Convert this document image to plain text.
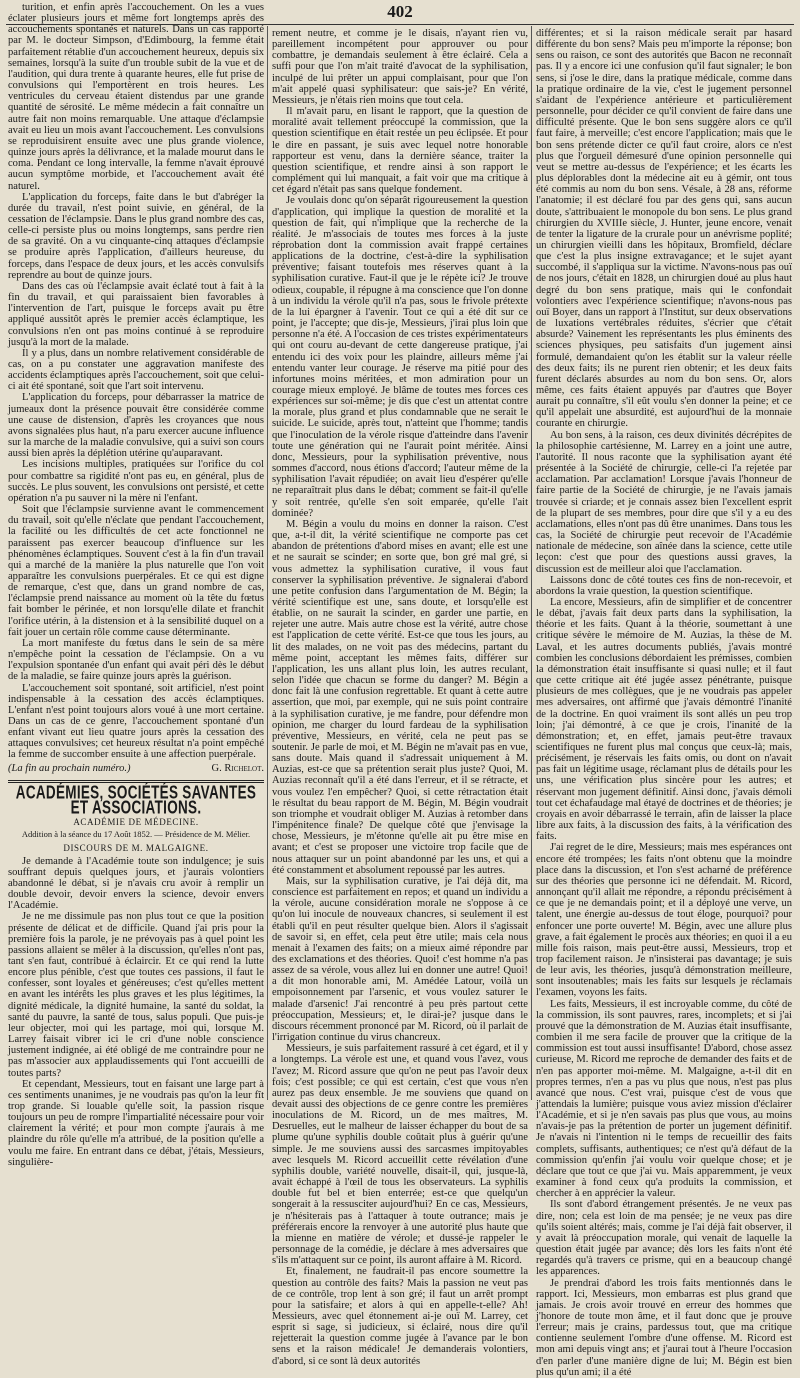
402

turition, et enfin après l'accouchement. On les a vues éclater plusieurs jours et même fort longtemps après des accouchements spontanés et naturels. Dans un cas rapporté par M. le docteur Simpson, d'Edimbourg, la femme était parfaitement rétablie d'un accouchement heureux, depuis six semaines, lorsqu'à la suite d'un trouble subit de la vue et de l'audition, qui dura trente à quarante heures, elle fut prise de convulsions qui l'emportèrent en trois heures. Les ventricules du cerveau étaient distendus par une grande quantité de sérosité. Le même médecin a fait connaître un autre fait non moins remarquable. Une attaque d'éclampsie avait eu lieu un mois avant l'accouchement. Les convulsions se reproduisirent ensuite avec une plus grande violence, quinze jours après la délivrance, et la malade mourut dans le coma. Pendant ce long intervalle, la femme n'avait éprouvé aucun symptôme morbide, et l'accouchement avait été naturel.

L'application du forceps, faite dans le but d'abréger la durée du travail, n'est point suivie, en général, de la cessation de l'éclampsie. Dans le plus grand nombre des cas, celle-ci persiste plus ou moins longtemps, sans perdre rien de sa gravité. On a vu cinquante-cinq attaques d'éclampsie se produire après l'application, d'ailleurs heureuse, du forceps, dans l'espace de deux jours, et les accès convulsifs reprendre au bout de quinze jours.

Dans des cas où l'éclampsie avait éclaté tout à fait à la fin du travail, et qui paraissaient bien favorables à l'intervention de l'art, puisque le forceps avait pu être appliqué aussitôt après le premier accès éclamptique, les convulsions n'en ont pas moins continué à se reproduire jusqu'à la mort de la malade.

Il y a plus, dans un nombre relativement considérable de cas, on a pu constater une aggravation manifeste des accidents éclamptiques après l'accouchement, soit que celui-ci ait été spontané, soit que l'art soit intervenu.

L'application du forceps, pour débarrasser la matrice de jumeaux dont la présence pouvait être considérée comme une cause de distension, d'après les croyances que nous avons signalées plus haut, n'a paru exercer aucune influence sur la marche de la maladie convulsive, qui a suivi son cours aussi bien après la déplétion utérine qu'auparavant.

Les incisions multiples, pratiquées sur l'orifice du col pour combattre sa rigidité n'ont pas eu, en général, plus de succès. Le plus souvent, les convulsions ont persisté, et cette opération n'a pu sauver ni la mère ni l'enfant.

Soit que l'éclampsie survienne avant le commencement du travail, soit qu'elle n'éclate que pendant l'accouchement, la facilité ou les difficultés de cet acte fonctionnel ne paraissent pas exercer beaucoup d'influence sur les phénomènes éclamptiques. Souvent c'est à la fin d'un travail qui a marché de la manière la plus naturelle que l'on voit apparaître les convulsions puerpérales. Et ce qui est digne de remarque, c'est que, dans un grand nombre de cas, l'éclampsie prend naissance au moment où la tête du fœtus fait bomber le périnée, et non lorsqu'elle dilate et franchit l'orifice utérin, à la distension et à la sensibilité duquel on a fait jouer un certain rôle comme cause déterminante.

La mort manifeste du fœtus dans le sein de sa mère n'empêche point la cessation de l'éclampsie. On a vu l'expulsion spontanée d'un enfant qui avait péri dès le début de la maladie, se faire quinze jours après la guérison.

L'accouchement soit spontané, soit artificiel, n'est point indispensable à la cessation des accès éclamptiques. L'enfant n'est point toujours alors voué à une mort certaine. Dans un cas de ce genre, l'accouchement spontané d'un enfant vivant eut lieu quatre jours après la cessation des attaques convulsives; cet heureux résultat n'a point empêché la femme de succomber ensuite à une affection puerpérale.

(La fin au prochain numéro.)	G. Richelot.
ACADÉMIES, SOCIÉTÉS SAVANTES ET ASSOCIATIONS.
ACADÉMIE DE MÉDECINE.
Addition à la séance du 17 Août 1852. — Présidence de M. Mélier.
DISCOURS DE M. MALGAIGNE.

Je demande à l'Académie toute son indulgence; je suis souffrant depuis quelques jours, et j'aurais volontiers abandonné le débat, si je n'avais cru avoir à remplir un double devoir, devoir envers la science, devoir envers l'Académie.

Je ne me dissimule pas non plus tout ce que la position présente de délicat et de difficile. Quand j'ai pris pour la première fois la parole, je ne prévoyais pas à quel point les passions allaient se mêler à la discussion, qu'elles n'ont pas, tant s'en faut, contribué à éclaircir. Et ce qui rend la lutte encore plus pénible, c'est que toutes ces passions, il faut le confesser, sont loyales et généreuses; c'est qu'elles mettent en avant les intérêts les plus graves et les plus légitimes, la dignité médicale, la dignité humaine, la santé du soldat, la santé du pauvre, la santé de tous, salus populi. Que puis-je leur objecter, moi qui les partage, moi qui, lorsque M. Larrey faisait vibrer ici le cri d'une noble conscience justement indignée, ai été obligé de me contraindre pour ne pas m'associer aux applaudissements qui l'ont accueilli de toutes parts?

Et cependant, Messieurs, tout en faisant une large part à ces sentiments unanimes, je ne voudrais pas qu'on la leur fît trop grande. Si louable qu'elle soit, la passion risque toujours un peu de rompre l'impartialité nécessaire pour voir clairement la vérité; et pour mon compte j'aurais à me plaindre du rôle qu'elle m'a attribué, de la position qu'elle a voulu me faire. En entrant dans ce débat, j'étais, Messieurs, singulière-

rement neutre, et comme je le disais, n'ayant rien vu, pareillement incompétent pour approuver ou pour combattre, je demandais seulement à être éclairé. Cela a suffi pour que l'on m'ait traité d'avocat de la syphilisation, inculpé de lui prêter un appui complaisant, pour que l'on m'ait appelé quasi syphilisateur: que sais-je? En vérité, Messieurs, je n'étais rien moins que tout cela.

Il m'avait paru, en lisant le rapport, que la question de moralité avait tellement préoccupé la commission, que la question scientifique en était restée un peu éclipsée. Et pour le dire en passant, je suis avec lequel notre honorable rapporteur est venu, dans la dernière séance, traiter la question scientifique, et rendre ainsi à son rapport le complément qui lui manquait, a fait voir que ma critique à cet égard n'était pas sans quelque fondement.

Je voulais donc qu'on séparât rigoureusement la question d'application, qui implique la question de moralité et la question de fait, qui n'implique que la recherche de la réalité. Je m'associais de toutes mes forces à la juste réprobation dont la commission avait frappé certaines applications de la doctrine, c'est-à-dire la syphilisation préventive; faisant toutefois mes réserves quant à la syphilisation curative. Faut-il que je le répète ici? Je trouve odieux, coupable, il répugne à ma conscience que l'on donne à un individu la vérole qu'il n'a pas, sous le frivole prétexte de la lui épargner à l'avenir. Tout ce qui a été dit sur ce point, je l'accepte; que dis-je, Messieurs, j'irai plus loin que personne n'a été. A l'occasion de ces tristes expérimentateurs qui ont couru au-devant de cette dangereuse pratique, j'ai entendu ici des voix pour les plaindre, ailleurs même j'ai entendu vanter leur courage. Je réserve ma pitié pour des infortunes moins méritées, et mon admiration pour un courage mieux employé. Je blâme de toutes mes forces ces expériences sur soi-même; je dis que c'est un attentat contre la morale, plus grand et plus condamnable que ne serait le suicide. Le suicide, après tout, n'atteint que l'homme; tandis que l'inoculation de la vérole risque d'atteindre dans l'avenir toute une génération qui ne l'aurait point méritée. Ainsi donc, Messieurs, pour la syphilisation préventive, nous sommes d'accord, nous étions d'accord; l'auteur même de la syphilisation l'avait répudiée; on avait lieu d'espérer qu'elle ne reparaîtrait plus dans le débat; comment se fait-il qu'elle y soit rentrée, qu'elle s'en soit emparée, qu'elle l'ait dominée?

M. Bégin a voulu du moins en donner la raison. C'est que, a-t-il dit, la vérité scientifique ne comporte pas cet abandon de prétentions d'abord mises en avant; elle est une et ne saurait se scinder; en sorte que, bon gré mal gré, si vous admettez la syphilisation curative, il vous faut conserver la syphilisation préventive. Je signalerai d'abord une petite confusion dans l'argumentation de M. Bégin; la vérité scientifique est une, sans doute, et lorsqu'elle est établie, on ne saurait la scinder, en garder une partie, en rejeter une autre. Mais autre chose est la vérité, autre chose est l'application de cette vérité. Est-ce que tous les jours, au lit des malades, on ne voit pas des médecins, partant du même point, acceptant les mêmes faits, différer sur l'application, les uns allant plus loin, les autres reculant, selon l'idée que chacun se forme du danger? M. Bégin a donc fait là une confusion regrettable. Et quant à cette autre assertion, que moi, par exemple, qui ne suis point contraire à la syphilisation curative, je me fandre, pour défendre mon opinion, me charger du lourd fardeau de la syphilisation préventive, Messieurs, en vérité, cela ne peut pas se soutenir. Je parle de moi, et M. Bégin ne m'avait pas en vue, sans doute. Mais quand il s'adressait uniquement à M. Auzias, est-ce que sa prétention serait plus juste? Quoi, M. Auzias reconnaît qu'il a été dans l'erreur, et il se rétracte, et vous voulez l'en empêcher? Quoi, si cette rétractation était le résultat du beau rapport de M. Bégin, M. Bégin voudrait son triomphe et voudrait obliger M. Auzias à retomber dans l'impénitence finale? De quelque côté que j'envisage la chose, Messieurs, je m'étonne qu'elle ait pu être mise en avant; et c'est se proposer une victoire trop facile que de nous attaquer sur un point abandonné par les uns, et qui a été constamment et absolument repoussé par les autres.

Mais, sur la syphilisation curative, je l'ai déjà dit, ma conscience est parfaitement en repos; et quand un individu a la vérole, aucune considération morale ne s'oppose à ce qu'on lui inocule de nouveaux chancres, si seulement il est établi qu'il en peut résulter quelque bien. Alors il s'agissait de savoir si, en effet, cela peut être utile; mais cela nous menait à l'examen des faits; on a mieux aimé répondre par des exclamations et des théories. Quoi! c'est homme n'a pas assez de sa vérole, vous allez lui en donner une autre! Quoi! a dit mon honorable ami, M. Amédée Latour, voilà un empoisonnement par l'arsenic, et vous voulez saturer le malade d'arsenic! J'ai rencontré à peu près partout cette préoccupation, Messieurs; et, le dirai-je? jusque dans le discours récemment prononcé par M. Ricord, où il parlait de l'irrigation continue du virus chancreux.

Messieurs, je suis parfaitement rassuré à cet égard, et il y a longtemps. La vérole est une, et quand vous l'avez, vous l'avez; M. Ricord assure que qu'on ne peut pas l'avoir deux fois; c'est possible; ce qui est certain, c'est que vous n'en aurez pas deux ensemble. Je me souviens que quand on devait aussi des objections de ce genre contre les premières inoculations de M. Ricord, un de mes maîtres, M. Desruelles, eut le malheur de laisser échapper du bout de sa plume qu'une syphilis double coûtait plus à guérir qu'une simple. Je me souviens aussi des sarcasmes impitoyables avec lesquels M. Ricord accueillit cette révélation d'une syphilis double, variété nouvelle, disait-il, qui, jusque-là, avait échappé à l'œil de tous les observateurs. La syphilis double fut bel et bien enterrée; est-ce que quelqu'un songerait à la ressusciter aujourd'hui? En ce cas, Messieurs, je n'hésiterais pas à l'attaquer à toute outrance; mais je préférerais encore la renvoyer à une autorité plus haute que la mienne en matière de vérole; et dussé-je rappeler le personnage de la comédie, je déclare à mes adversaires que s'ils m'attaquent sur ce point, ils auront affaire à M. Ricord.

Et, finalement, ne faudrait-il pas encore soumettre la question au contrôle des faits? Mais la passion ne veut pas de ce contrôle, trop lent à son gré; il faut un arrêt prompt pour la satisfaire; et alors à qui en appelle-t-elle? Ah! Messieurs, avec quel étonnement ai-je ouï M. Larrey, cet esprit si sage, si judicieux, si éclairé, nous dire qu'il rejetterait la question comme jugée à l'avance par le bon sens et la raison médicale! Je demanderais volontiers, d'abord, si ce sont là deux autorités

différentes; et si la raison médicale serait par hasard différente du bon sens? Mais peu m'importe la réponse; bon sens ou raison, ce sont des autorités que Bacon ne reconnaît pas. Il y a encore ici une confusion qu'il faut signaler; le bon sens, si j'ose le dire, dans la pratique médicale, comme dans la pratique ordinaire de la vie, c'est le jugement personnel s'aidant de l'expérience antérieure et particulièrement personnelle, pour décider ce qu'il convient de faire dans une difficulté présente. Que le bon sens suggère alors ce qu'il faut faire, à merveille; c'est encore l'application; mais que le bon sens prétende dicter ce qu'il faut croire, alors ce n'est plus que l'orgueil démesuré d'une opinion personnelle qui veut se mettre au-dessus de l'expérience; et les écarts les plus déplorables dont la médecine ait eu à gémir, ont tous été commis au nom du bon sens. Vésale, à 28 ans, réforme l'anatomie; il est déclaré fou par des gens qui, sans aucun doute, s'attribuaient le monopole du bon sens. Le plus grand chirurgien du XVIIIe siècle, J. Hunter, jeune encore, venait de tenter la ligature de la crurale pour un anévrisme poplité; un chirurgien vieilli dans les hôpitaux, Bromfield, déclare que c'est la plus insigne extravagance; et le sujet ayant succombé, il s'appliqua sur la victime. N'avons-nous pas ouï de nos jours, c'était en 1828, un chirurgien doué au plus haut degré du bon sens pratique, mais qui le confondait volontiers avec l'expérience scientifique; n'avons-nous pas ouï Boyer, dans un rapport à l'Institut, sur deux observations de luxations vertébrales réduites, s'écrier que c'était absurde? Vainement les représentants les plus éminents des sciences physiques, peu satisfaits d'un jugement ainsi formulé, demandaient qu'on les établit sur la valeur réelle des deux faits; ils ne purent rien obtenir; et les deux faits furent déclarés absurdes au nom du bon sens. Or, alors même, ces faits étaient appuyés par d'autres que Boyer aurait pu connaître, s'il eût voulu s'en donner la peine; et ce qu'il appelait une absurdité, est aujourd'hui de la monnaie courante en chirurgie.

Au bon sens, à la raison, ces deux divinités décrépites de la philosophie cartésienne, M. Larrey en a joint une autre, l'autorité. Il nous raconte que la syphilisation ayant été présentée à la Société de chirurgie, celle-ci l'a rejetée par acclamation. Par acclamation! Lorsque j'avais l'honneur de faire partie de la Société de chirurgie, je ne l'avais jamais trouvée si criarde; et je connais assez bien l'excellent esprit de la plupart de ses membres, pour dire que s'il y a eu des acclamations, elles n'ont pas dû être unanimes. Dans tous les cas, la Société de chirurgie peut recevoir de l'Académie nationale de médecine, son aînée dans la science, cette utile leçon: c'est que pour des questions aussi graves, la discussion est de meilleur aloi que l'acclamation.

Laissons donc de côté toutes ces fins de non-recevoir, et abordons la vraie question, la question scientifique.

La encore, Messieurs, afin de simplifier et de concentrer le débat, j'avais fait deux parts dans la syphilisation, la théorie et les faits. Quant à la théorie, soumettant à une critique sévère le mémoire de M. Auzias, la thèse de M. Laval, et les autres documents publiés, j'avais montré combien les conclusions débordaient les prémisses, combien la démonstration était insuffisante si quasi nulle; et il faut que cette critique ait été jugée assez pénétrante, puisque plusieurs de mes collègues, que je ne voudrais pas appeler mes adversaires, ont affirmé que j'avais démontré l'inanité de la doctrine. En quoi vraiment ils sont allés un peu trop loin; j'ai démontré, à ce que je crois, l'inanité de la démonstration; et, en effet, jamais peut-être travaux scientifiques ne furent plus mal conçus que ceux-là; mais, précisément, je réservais les faits omis, ou dont on n'avait pas fait un légitime usage, réclamant plus de détails pour les uns, une vérification plus sincère pour les autres; et réservant mon jugement définitif. Ainsi donc, j'avais démoli tout cet échafaudage mal étayé de doctrines et de théories; je croyais en avoir débarrassé le terrain, afin de laisser la place libre aux faits, à la discussion des faits, à la vérification des faits.

J'ai regret de le dire, Messieurs; mais mes espérances ont encore été trompées; les faits n'ont obtenu que la moindre place dans la discussion, et l'on s'est acharné de préférence sur des théories que personne ici ne défendait. M. Ricord, annonçant qu'il allait me répondre, a répondu précisément à ce que je ne demandais point; et il a déployé une verve, un talent, une énergie au-dessus de tout éloge, pourquoi? pour enfoncer une porte ouverte! M. Bégin, avec une allure plus grave, a fait également le procès aux théories; en quoi il a eu mille fois raison, mais peut-être aussi, Messieurs, trop et trop facilement raison. Je n'insisterai pas davantage; je suis de leur avis, les théories, jusqu'à démonstration meilleure, sont insoutenables; mais les faits sur lesquels je réclamais l'examen, voyons les faits.

Les faits, Messieurs, il est incroyable comme, du côté de la commission, ils sont pauvres, rares, incomplets; et si j'ai prouvé que la démonstration de M. Auzias était insuffisante, combien il me sera facile de prouver que la critique de la commission est tout aussi insuffisante! D'abord, chose assez curieuse, M. Ricord me reproche de demander des faits et de n'en pas apporter moi-même. M. Malgaigne, a-t-il dit en propres termes, n'en a pas vu plus que nous, n'est pas plus avancé que nous. C'est vrai, puisque c'est de vous que j'attendais la lumière; puisque vous aviez mission d'éclairer l'Académie, et si je n'en savais pas plus que vous, au moins n'avais-je pas la prétention de porter un jugement définitif. Je n'avais ni l'intention ni le temps de recueillir des faits complets, suffisants, authentiques; ce n'est qu'à défaut de la commission qu'enfin j'ai voulu voir quelque chose; et je déclare que tout ce que j'ai vu. Mais apparemment, je veux examiner à fond ceux qu'a produits la commission, et chercher à en apprécier la valeur.

Ils sont d'abord étrangement présentés. Je ne veux pas dire, non; cela est loin de ma pensée; je ne veux pas dire qu'ils soient altérés; mais, comme je l'ai déjà fait observer, il y avait là préoccupation morale, qui venait de laquelle la question était jugée par avance; dès lors les faits n'ont été regardés qu'à travers ce prisme, qui en a beaucoup changé les apparences.

Je prendrai d'abord les trois faits mentionnés dans le rapport. Ici, Messieurs, mon embarras est plus grand que jamais. Je crois avoir trouvé en erreur des hommes que j'honore de toute mon âme, et il faut donc que je prouve l'erreur; mais je crains, pardessus tout, que ma critique contienne seulement l'ombre d'une offense. M. Ricord est mon ami depuis vingt ans; et j'aurai tout à l'heure l'occasion d'en parler d'une manière digne de lui; M. Bégin est bien plus qu'un ami; il a été
